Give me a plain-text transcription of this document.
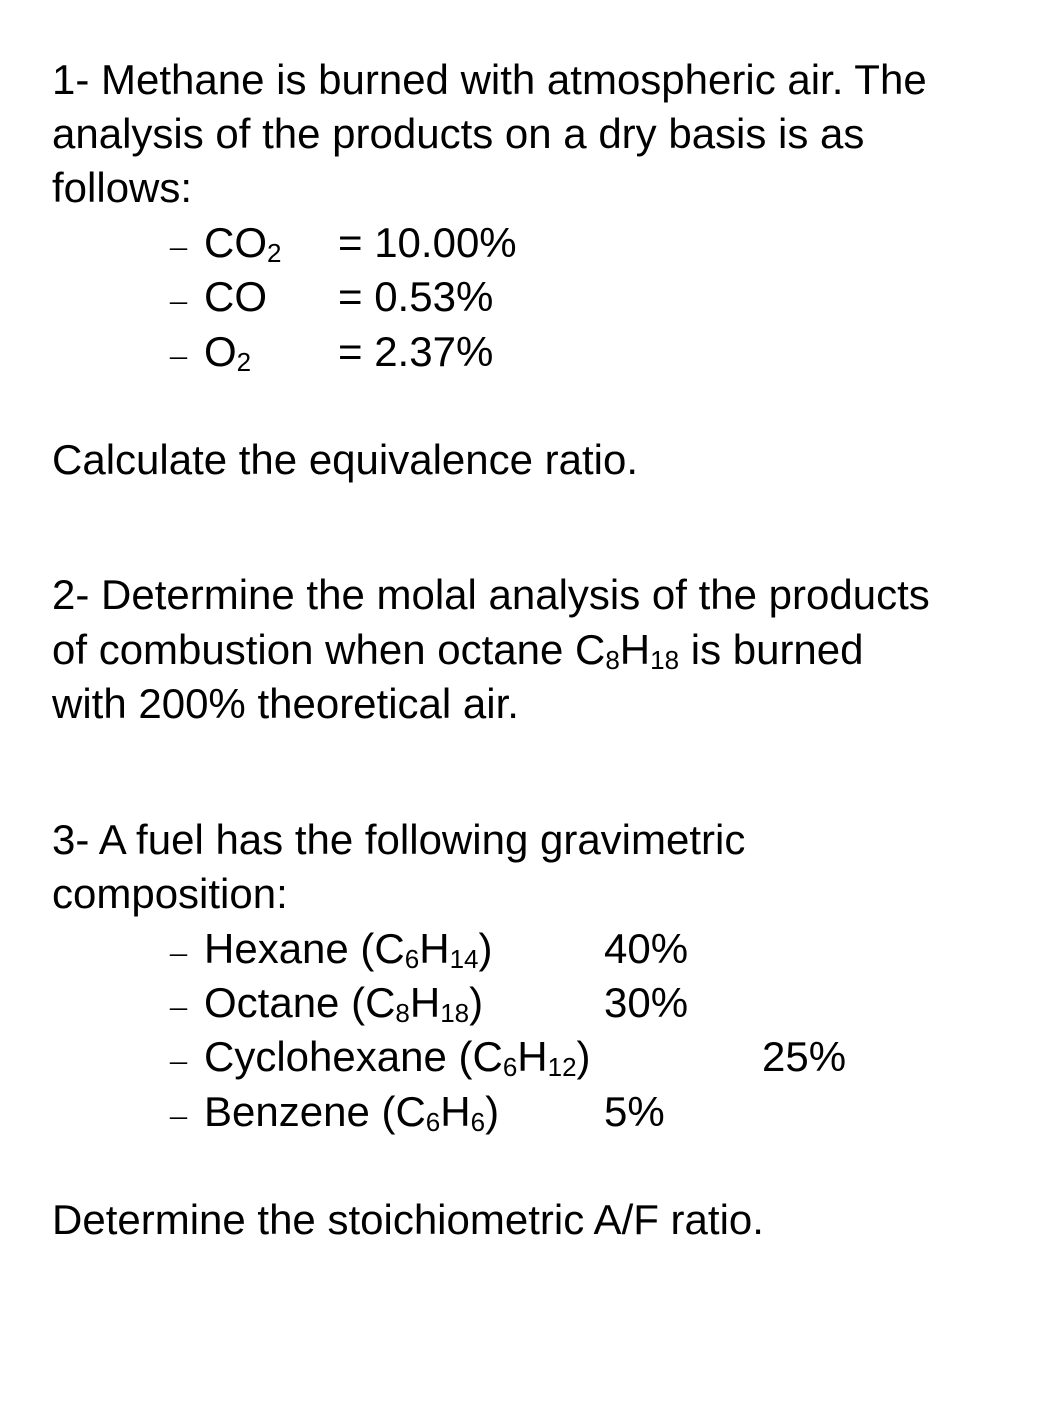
1- Methane is burned with atmospheric air. The
analysis of the products on a dry basis is as
follows:
– $CO_2 = 10.00\%$
– CO = 0.53%
– $O_2 = 2.37\%$
Calculate the equivalence ratio.
2- Determine the molal analysis of the products
of combustion when octane $C_8H_{18}$ is burned
with 200% theoretical air.
3- A fuel has the following gravimetric
composition:
– Hexane $(C_6H_{14})$	40%
– Octane $(C_8H_{18})$	30%
– Cyclohexane $(C_6H_{12})$	25%
– Benzene $(C_6H_6)$ 5%
Determine the stoichiometric A/F ratio.
